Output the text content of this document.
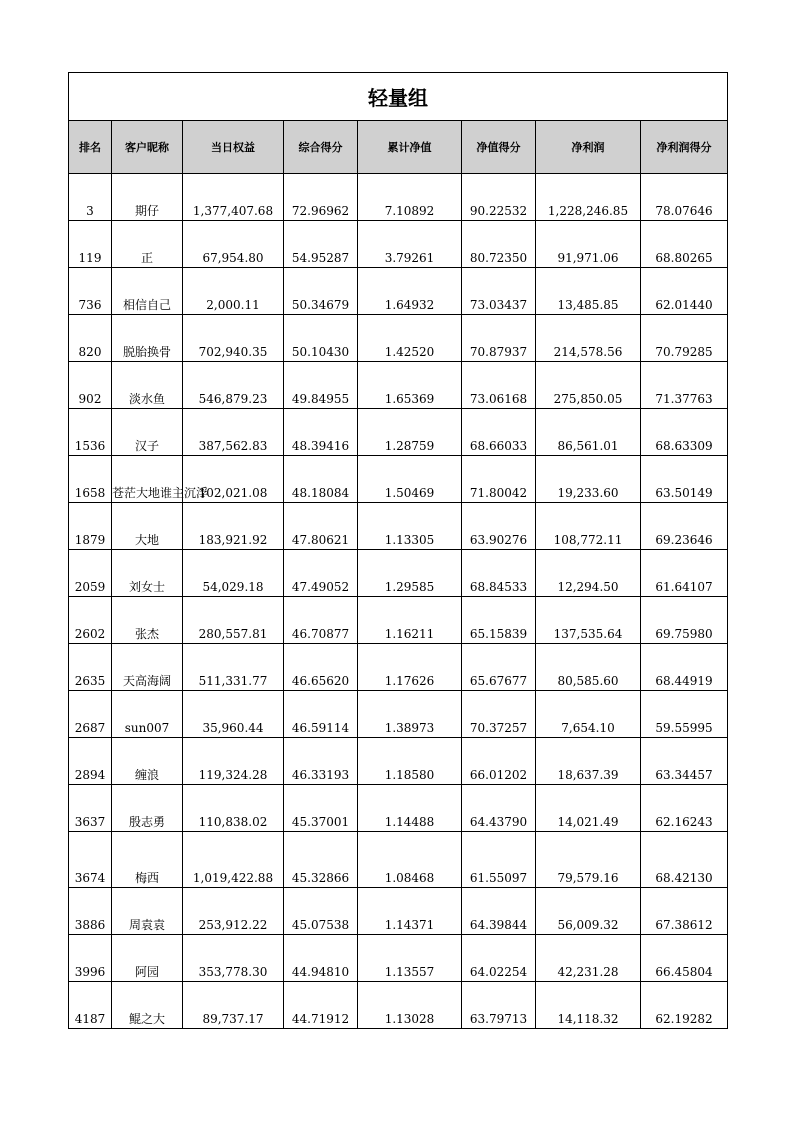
轻量组							
排名	客户昵称	当日权益	综合得分	累计净值	净值得分	净利润	净利润得分
3	期仔	1,377,407.68	72.96962	7.10892	90.22532	1,228,246.85	78.07646
119	正	67,954.80	54.95287	3.79261	80.72350	91,971.06	68.80265
736	相信自己	2,000.11	50.34679	1.64932	73.03437	13,485.85	62.01440
820	脱胎换骨	702,940.35	50.10430	1.42520	70.87937	214,578.56	70.79285
902	淡水鱼	546,879.23	49.84955	1.65369	73.06168	275,850.05	71.37763
1536	汉子	387,562.83	48.39416	1.28759	68.66033	86,561.01	68.63309
1658	苍茫大地谁主沉浮	102,021.08	48.18084	1.50469	71.80042	19,233.60	63.50149
1879	大地	183,921.92	47.80621	1.13305	63.90276	108,772.11	69.23646
2059	刘女士	54,029.18	47.49052	1.29585	68.84533	12,294.50	61.64107
2602	张杰	280,557.81	46.70877	1.16211	65.15839	137,535.64	69.75980
2635	天高海阔	511,331.77	46.65620	1.17626	65.67677	80,585.60	68.44919
2687	sun007	35,960.44	46.59114	1.38973	70.37257	7,654.10	59.55995
2894	缠浪	119,324.28	46.33193	1.18580	66.01202	18,637.39	63.34457
3637	殷志勇	110,838.02	45.37001	1.14488	64.43790	14,021.49	62.16243
3674	梅西	1,019,422.88	45.32866	1.08468	61.55097	79,579.16	68.42130
3886	周袁袁	253,912.22	45.07538	1.14371	64.39844	56,009.32	67.38612
3996	阿园	353,778.30	44.94810	1.13557	64.02254	42,231.28	66.45804
4187	鲲之大	89,737.17	44.71912	1.13028	63.79713	14,118.32	62.19282
